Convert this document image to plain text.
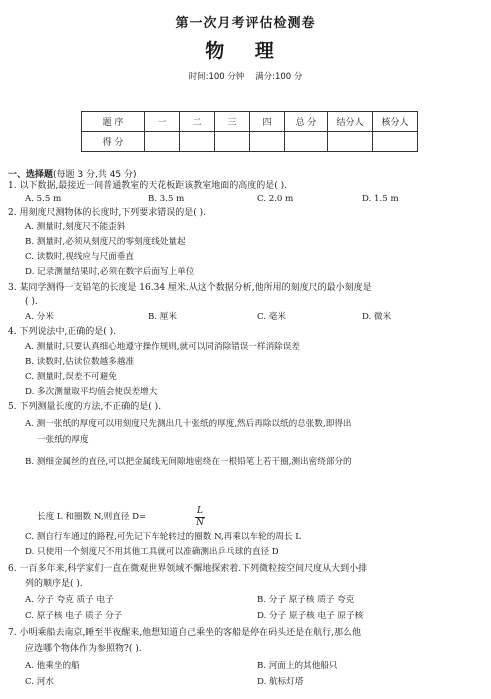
第一次月考评估检测卷
物 理
时间:100 分钟 满分:100 分
题 序	一	二	三	四	总 分	结分人	核分人
得 分							
一、选择题(每题 3 分,共 45 分)
1. 以下数据,最接近一间普通教室的天花板距该教室地面的高度的是( ).
A. 5.5 m	B. 3.5 m	C. 2.0 m	D. 1.5 m
2. 用刻度尺测物体的长度时,下列要求错误的是( ).
A. 测量时,刻度尺不能歪斜
B. 测量时,必须从刻度尺的零刻度线处量起
C. 读数时,视线应与尺面垂直
D. 记录测量结果时,必须在数字后面写上单位
3. 某同学测得一支铅笔的长度是 16.34 厘米.从这个数据分析,他所用的刻度尺的最小刻度是
( ).
A. 分米	B. 厘米	C. 毫米	D. 微米
4. 下列说法中,正确的是( ).
A. 测量时,只要认真细心地遵守操作规则,就可以同消除错误一样消除误差
B. 读数时,估读位数越多越准
C. 测量时,误差不可避免
D. 多次测量取平均值会使误差增大
5. 下列测量长度的方法,不正确的是( ).
A. 测一张纸的厚度可以用刻度尺先测出几十张纸的厚度,然后再除以纸的总张数,即得出
一张纸的厚度
B. 测细金属丝的直径,可以把金属线无间隙地密绕在一根铅笔上若干圈,测出密绕部分的
长度 L 和圈数 N,则直径 D=	$\frac{L}{N}$
C. 测自行车通过的路程,可先记下车轮转过的圈数 N,再乘以车轮的周长 L
D. 只使用一个刻度尺不用其他工具就可以准确测出乒乓球的直径 D
6. 一百多年来,科学家们一直在微观世界领域不懈地探索着.下列微粒按空间尺度从大到小排
列的顺序是( ).
A. 分子 夸克 质子 电子	B. 分子 原子核 质子 夸克
C. 原子核 电子 质子 分子	D. 分子 原子核 电子 原子核
7. 小明乘船去南京,睡至半夜醒来,他想知道自己乘坐的客船是停在码头还是在航行,那么他
应选哪个物体作为参照物?( ).
A. 他乘坐的船	B. 河面上的其他船只
C. 河水	D. 航标灯塔
